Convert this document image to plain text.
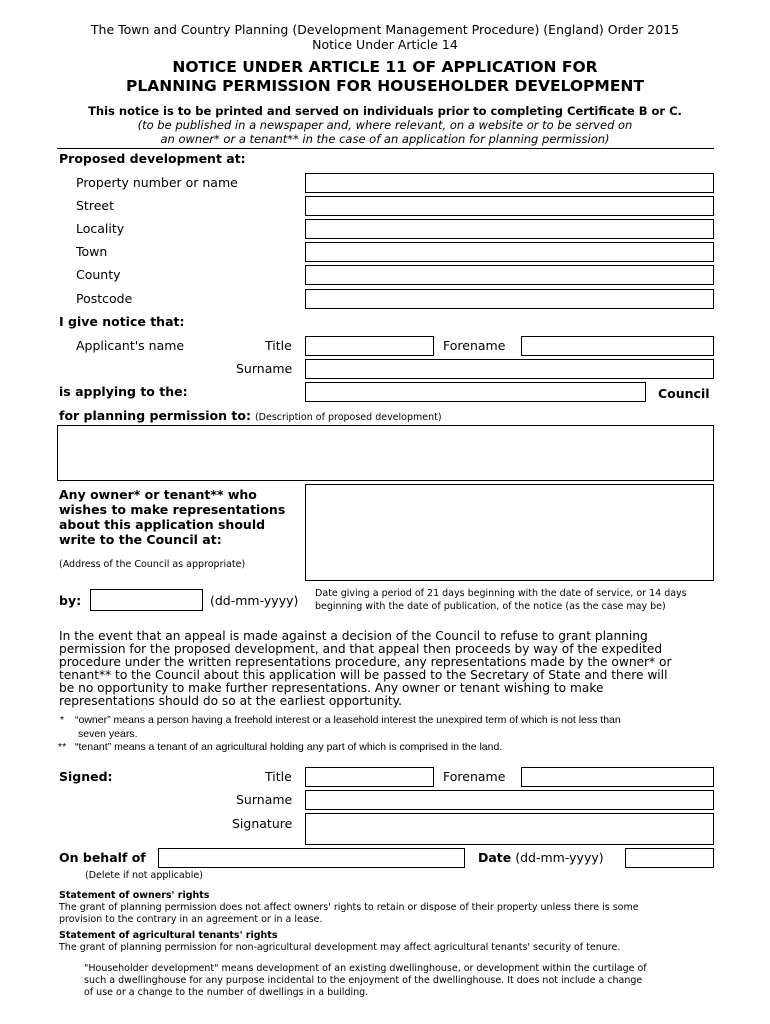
The Town and Country Planning (Development Management Procedure) (England) Order 2015
Notice Under Article 14
NOTICE UNDER ARTICLE 11 OF APPLICATION FOR
PLANNING PERMISSION FOR HOUSEHOLDER DEVELOPMENT
This notice is to be printed and served on individuals prior to completing Certificate B or C.
(to be published in a newspaper and, where relevant, on a website or to be served on
an owner* or a tenant** in the case of an application for planning permission)
Proposed development at:
Property number or name
Street
Locality
Town
County
Postcode
I give notice that:
Applicant's name	Title	Forename
Surname
is applying to the:	Council
for planning permission to: (Description of proposed development)
Any owner* or tenant** who
wishes to make representations
about this application should
write to the Council at:
(Address of the Council as appropriate)
by:	(dd-mm-yyyy) Date giving a period of 21 days beginning with the date of service, or 14 days
beginning with the date of publication, of the notice (as the case may be)
In the event that an appeal is made against a decision of the Council to refuse to grant planning
permission for the proposed development, and that appeal then proceeds by way of the expedited
procedure under the written representations procedure, any representations made by the owner* or
tenant** to the Council about this application will be passed to the Secretary of State and there will
be no opportunity to make further representations. Any owner or tenant wishing to make
representations should do so at the earliest opportunity.
* “owner” means a person having a freehold interest or a leasehold interest the unexpired term of which is not less than
seven years.
** “tenant” means a tenant of an agricultural holding any part of which is comprised in the land.
Signed:	Title	Forename
Surname
Signature
On behalf of	Date (dd-mm-yyyy)
(Delete if not applicable)
Statement of owners' rights
The grant of planning permission does not affect owners' rights to retain or dispose of their property unless there is some
provision to the contrary in an agreement or in a lease.
Statement of agricultural tenants' rights
The grant of planning permission for non-agricultural development may affect agricultural tenants' security of tenure.
"Householder development" means development of an existing dwellinghouse, or development within the curtilage of
such a dwellinghouse for any purpose incidental to the enjoyment of the dwellinghouse. It does not include a change
of use or a change to the number of dwellings in a building.
